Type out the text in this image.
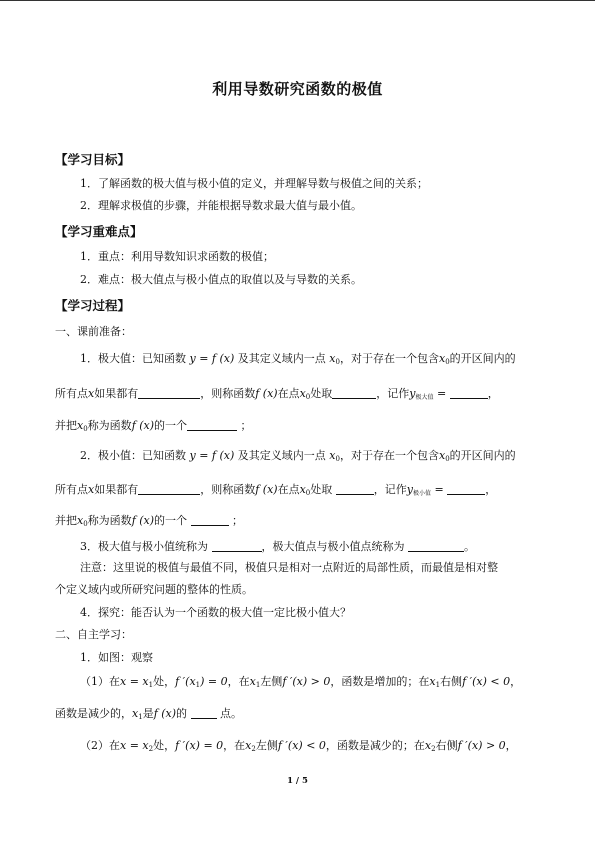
利用导数研究函数的极值
【学习目标】
1．了解函数的极大值与极小值的定义，并理解导数与极值之间的关系；
2．理解求极值的步骤，并能根据导数求最大值与最小值。
【学习重难点】
1．重点：利用导数知识求函数的极值；
2．难点：极大值点与极小值点的取值以及与导数的关系。
【学习过程】
一、课前准备：
1．极大值：已知函数 y = f (x) 及其定义域内一点 $x_0$，对于存在一个包含$x_0$的开区间内的
所有点x如果都有	，则称函数f (x)在点$x_0$处取	，记作y极大值 =	，
并把$x_0$称为函数f (x)的一个	；
2．极小值：已知函数 y = f (x) 及其定义域内一点 $x_0$，对于存在一个包含$x_0$的开区间内的
所有点x如果都有	，则称函数f (x)在点$x_0$处取	，记作y极小值 =	，
并把$x_0$称为函数f (x)的一个	；
3．极大值与极小值统称为	，极大值点与极小值点统称为	。
注意：这里说的极值与最值不同，极值只是相对一点附近的局部性质，而最值是相对整
个定义域内或所研究问题的整体的性质。
4．探究：能否认为一个函数的极大值一定比极小值大？
二、自主学习：
1．如图：观察
（1）在$x = x_1$处，f $'(x_1) = 0$，在$x_1$左侧f ′(x) > 0，函数是增加的；在$x_1$右侧f ′(x) < 0，
函数是减少的，$x_1$是f (x)的	点。
（2）在$x = x_2$处，f ′(x) = 0，在$x_2$左侧f ′(x) < 0，函数是减少的；在$x_2$右侧f ′(x) > 0，
1 / 5
